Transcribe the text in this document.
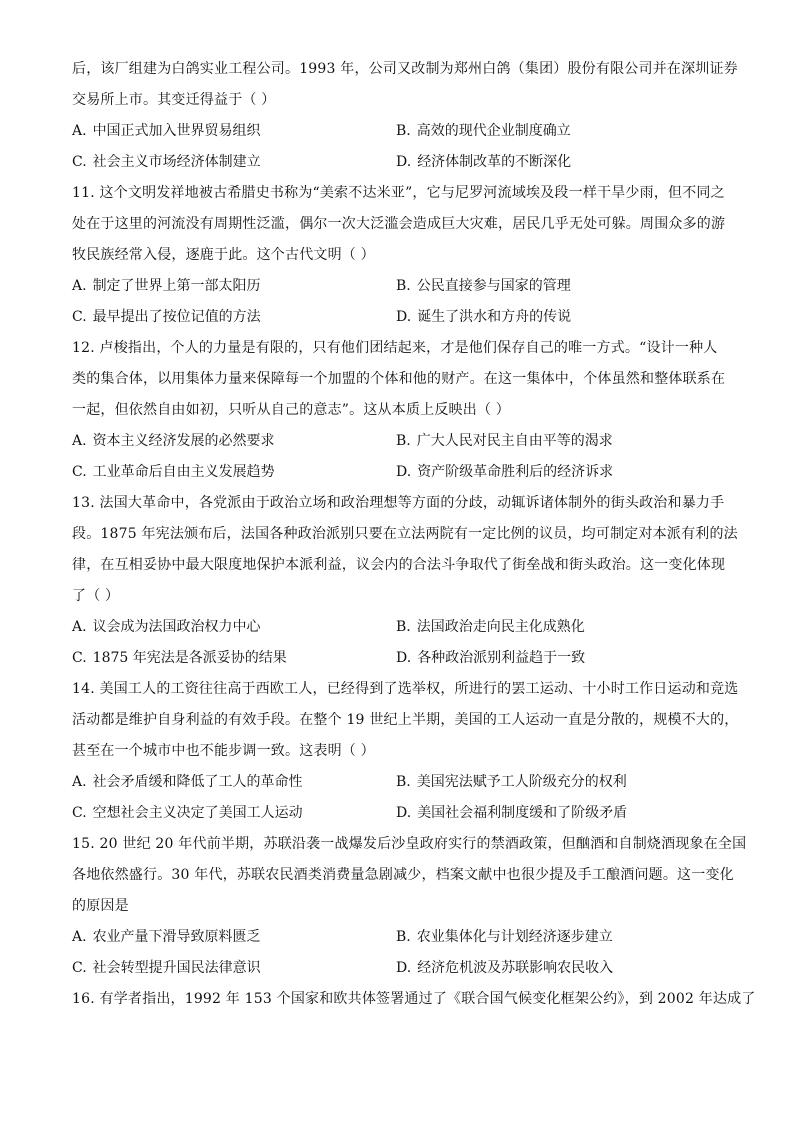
后，该厂组建为白鸽实业工程公司。1993 年，公司又改制为郑州白鸽（集团）股份有限公司并在深圳证券
交易所上市。其变迁得益于（ ）
A. 中国正式加入世界贸易组织	B. 高效的现代企业制度确立
C. 社会主义市场经济体制建立	D. 经济体制改革的不断深化
11. 这个文明发祥地被古希腊史书称为“美索不达米亚”，它与尼罗河流域埃及段一样干旱少雨，但不同之
处在于这里的河流没有周期性泛滥，偶尔一次大泛滥会造成巨大灾难，居民几乎无处可躲。周围众多的游
牧民族经常入侵，逐鹿于此。这个古代文明（ ）
A. 制定了世界上第一部太阳历	B. 公民直接参与国家的管理
C. 最早提出了按位记值的方法	D. 诞生了洪水和方舟的传说
12. 卢梭指出，个人的力量是有限的，只有他们团结起来，才是他们保存自己的唯一方式。“设计一种人
类的集合体，以用集体力量来保障每一个加盟的个体和他的财产。在这一集体中，个体虽然和整体联系在
一起，但依然自由如初，只听从自己的意志”。这从本质上反映出（ ）
A. 资本主义经济发展的必然要求	B. 广大人民对民主自由平等的渴求
C. 工业革命后自由主义发展趋势	D. 资产阶级革命胜利后的经济诉求
13. 法国大革命中，各党派由于政治立场和政治理想等方面的分歧，动辄诉诸体制外的街头政治和暴力手
段。1875 年宪法颁布后，法国各种政治派别只要在立法两院有一定比例的议员，均可制定对本派有利的法
律，在互相妥协中最大限度地保护本派利益，议会内的合法斗争取代了街垒战和街头政治。这一变化体现
了（ ）
A. 议会成为法国政治权力中心	B. 法国政治走向民主化成熟化
C. 1875 年宪法是各派妥协的结果	D. 各种政治派别利益趋于一致
14. 美国工人的工资往往高于西欧工人，已经得到了选举权，所进行的罢工运动、十小时工作日运动和竞选
活动都是维护自身利益的有效手段。在整个 19 世纪上半期，美国的工人运动一直是分散的，规模不大的，
甚至在一个城市中也不能步调一致。这表明（ ）
A. 社会矛盾缓和降低了工人的革命性	B. 美国宪法赋予工人阶级充分的权利
C. 空想社会主义决定了美国工人运动	D. 美国社会福利制度缓和了阶级矛盾
15. 20 世纪 20 年代前半期，苏联沿袭一战爆发后沙皇政府实行的禁酒政策，但酗酒和自制烧酒现象在全国
各地依然盛行。30 年代，苏联农民酒类消费量急剧减少，档案文献中也很少提及手工酿酒问题。这一变化
的原因是
A. 农业产量下滑导致原料匮乏	B. 农业集体化与计划经济逐步建立
C. 社会转型提升国民法律意识	D. 经济危机波及苏联影响农民收入
16. 有学者指出，1992 年 153 个国家和欧共体签署通过了《联合国气候变化框架公约》，到 2002 年达成了
